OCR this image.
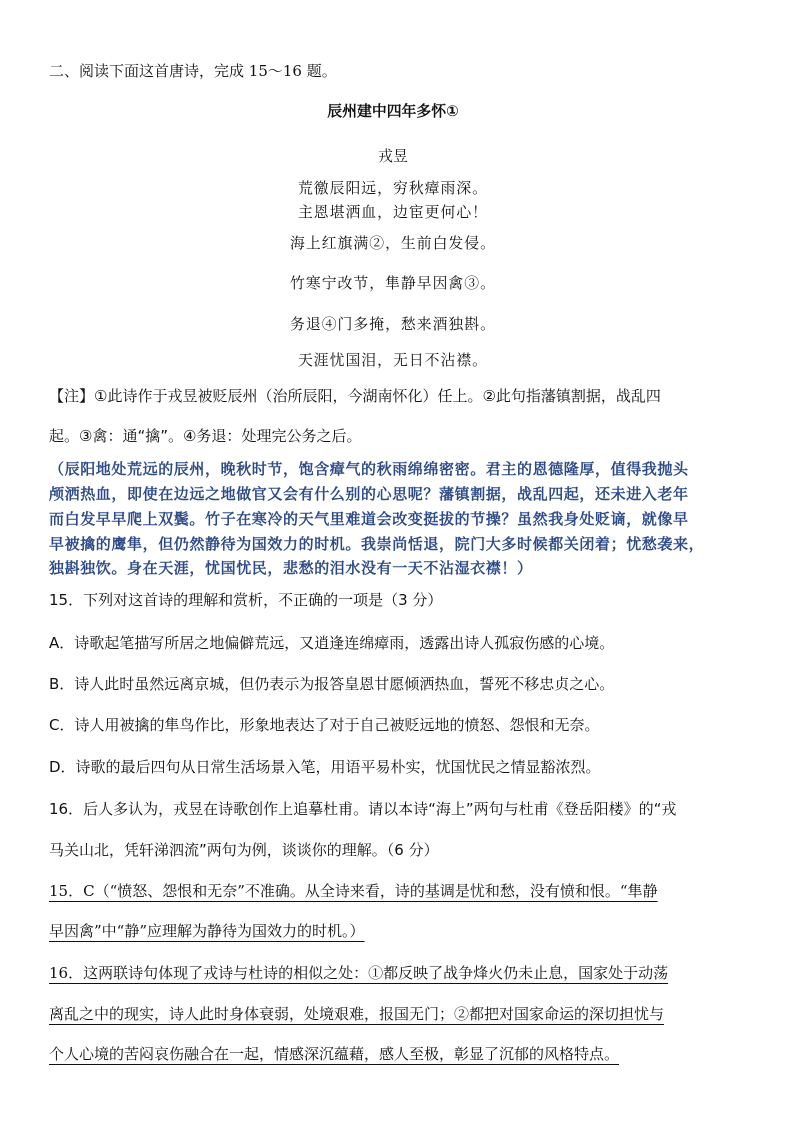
二、阅读下面这首唐诗，完成 15～16 题。
辰州建中四年多怀①
戎昱
荒徼辰阳远，穷秋瘴雨深。
主恩堪洒血，边宦更何心！
海上红旗满②，生前白发侵。
竹寒宁改节，隼静早因禽③。
务退④门多掩，愁来酒独斟。
天涯忧国泪，无日不沾襟。
【注】①此诗作于戎昱被贬辰州（治所辰阳，今湖南怀化）任上。②此句指藩镇割据，战乱四
起。③禽：通“擒”。④务退：处理完公务之后。
（辰阳地处荒远的辰州，晚秋时节，饱含瘴气的秋雨绵绵密密。君主的恩德隆厚，值得我抛头
颅洒热血，即使在边远之地做官又会有什么别的心思呢？藩镇割据，战乱四起，还未进入老年
而白发早早爬上双鬓。竹子在寒冷的天气里难道会改变挺拔的节操？虽然我身处贬谪，就像早
早被擒的鹰隼，但仍然静待为国效力的时机。我崇尚恬退，院门大多时候都关闭着；忧愁袭来，
独斟独饮。身在天涯，忧国忧民，悲愁的泪水没有一天不沾湿衣襟！）
15．下列对这首诗的理解和赏析，不正确的一项是（3 分）
A．诗歌起笔描写所居之地偏僻荒远，又逍逢连绵瘴雨，透露出诗人孤寂伤感的心境。
B．诗人此时虽然远离京城，但仍表示为报答皇恩甘愿倾洒热血，誓死不移忠贞之心。
C．诗人用被擒的隼鸟作比，形象地表达了对于自己被贬远地的愤怒、怨恨和无奈。
D．诗歌的最后四句从日常生活场景入笔，用语平易朴实，忧国忧民之情显豁浓烈。
16．后人多认为，戎昱在诗歌创作上追摹杜甫。请以本诗“海上”两句与杜甫《登岳阳楼》的“戎
马关山北，凭轩涕泗流”两句为例，谈谈你的理解。（6 分）
15．C（“愤怒、怨恨和无奈”不准确。从全诗来看，诗的基调是忧和愁，没有愤和恨。“隼静
早因禽”中“静”应理解为静待为国效力的时机。）
16．这两联诗句体现了戎诗与杜诗的相似之处：①都反映了战争烽火仍未止息，国家处于动荡
离乱之中的现实，诗人此时身体衰弱，处境艰难，报国无门；②都把对国家命运的深切担忧与
个人心境的苦闷哀伤融合在一起，情感深沉蕴藉，感人至极，彰显了沉郁的风格特点。
